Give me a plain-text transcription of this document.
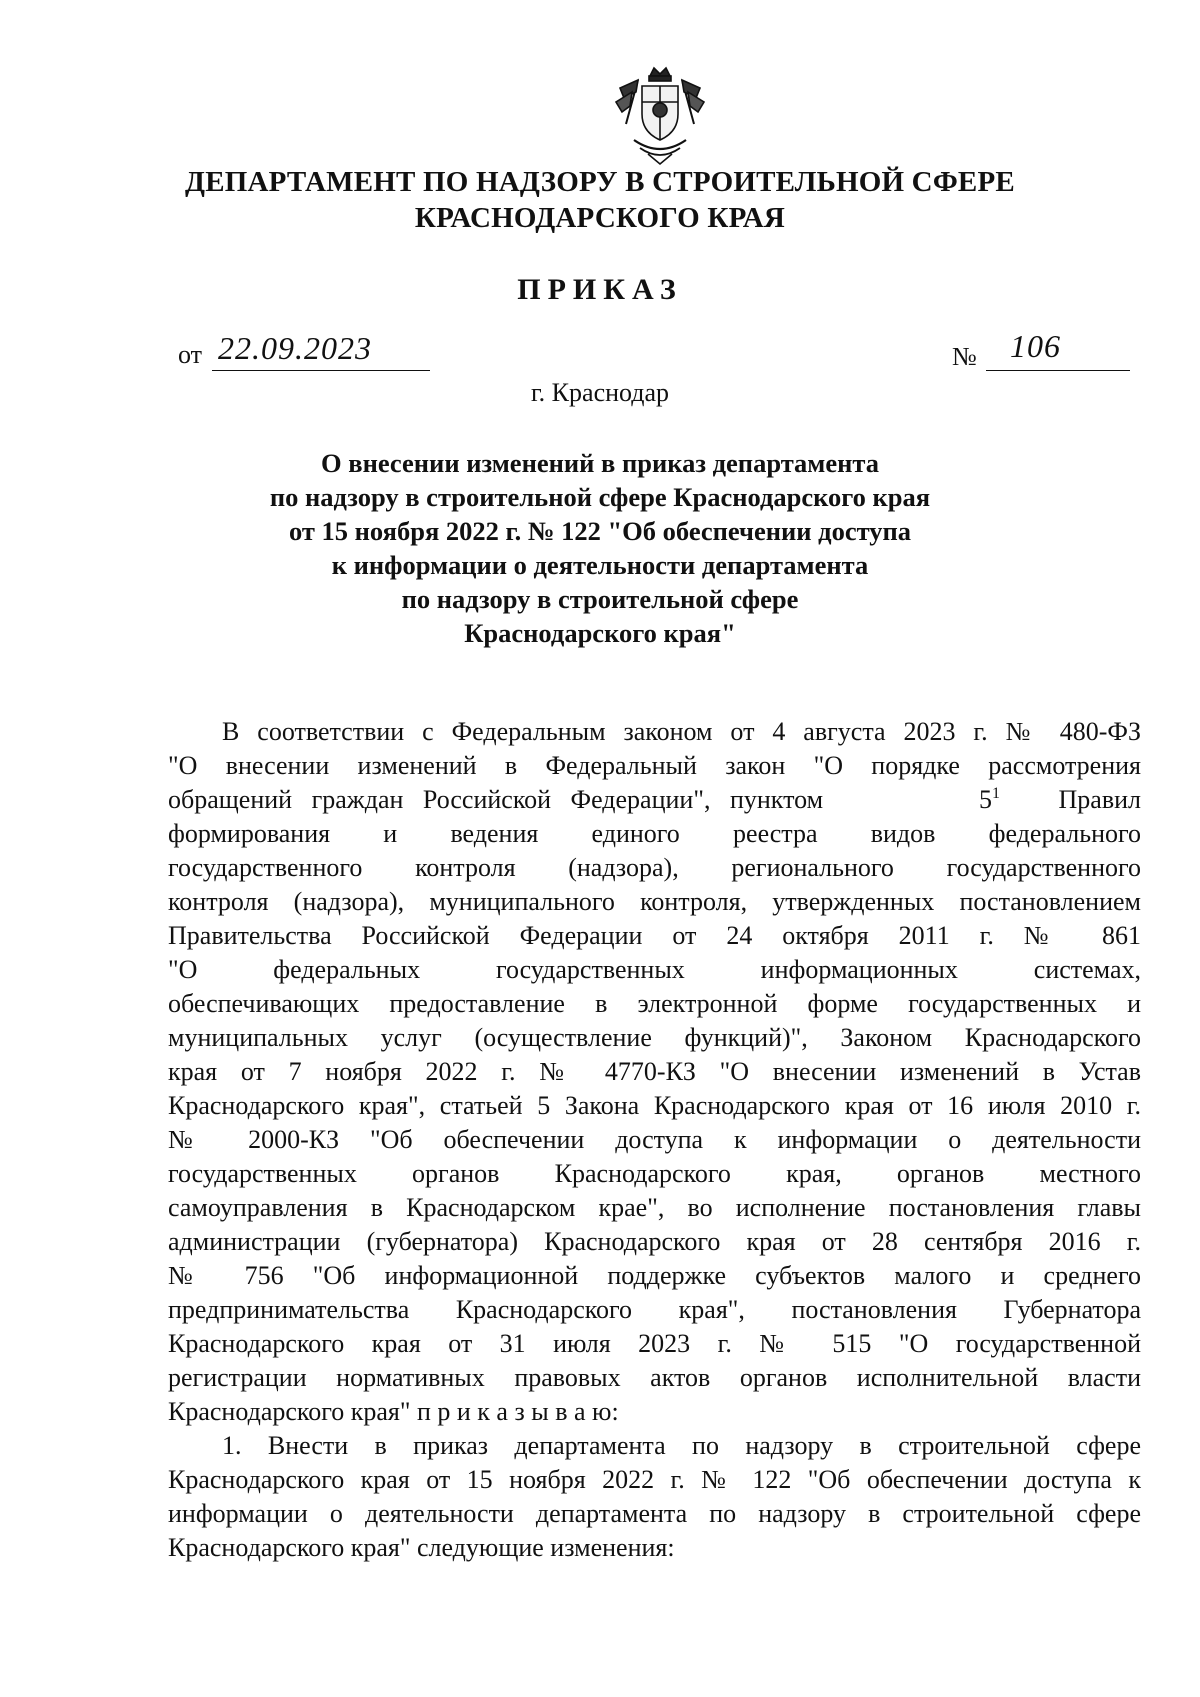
ДЕПАРТАМЕНТ ПО НАДЗОРУ В СТРОИТЕЛЬНОЙ СФЕРЕ
КРАСНОДАРСКОГО КРАЯ
ПРИКАЗ
от 22.09.2023	№ 106
г. Краснодар
О внесении изменений в приказ департамента
по надзору в строительной сфере Краснодарского края
от 15 ноября 2022 г. № 122 "Об обеспечении доступа
к информации о деятельности департамента
по надзору в строительной сфере
Краснодарского края"
В соответствии с Федеральным законом от 4 августа 2023 г. № 480-ФЗ
"О внесении изменений в Федеральный закон "О порядке рассмотрения
обращений граждан Российской Федерации", пунктом	$5^1$ Правил
формирования и ведения единого реестра видов федерального
государственного контроля (надзора), регионального государственного
контроля (надзора), муниципального контроля, утвержденных постановлением
Правительства Российской Федерации от 24 октября 2011 г. № 861
"О федеральных государственных информационных системах,
обеспечивающих предоставление в электронной форме государственных и
муниципальных услуг (осуществление функций)", Законом Краснодарского
края от 7 ноября 2022 г. № 4770-КЗ "О внесении изменений в Устав
Краснодарского края", статьей 5 Закона Краснодарского края от 16 июля 2010 г.
№ 2000-КЗ "Об обеспечении доступа к информации о деятельности
государственных органов Краснодарского края, органов местного
самоуправления в Краснодарском крае", во исполнение постановления главы
администрации (губернатора) Краснодарского края от 28 сентября 2016 г.
№ 756 "Об информационной поддержке субъектов малого и среднего
предпринимательства Краснодарского края", постановления Губернатора
Краснодарского края от 31 июля 2023 г. № 515 "О государственной
регистрации нормативных правовых актов органов исполнительной власти
Краснодарского края" п р и к а з ы в а ю:
1. Внести в приказ департамента по надзору в строительной сфере
Краснодарского края от 15 ноября 2022 г. № 122 "Об обеспечении доступа к
информации о деятельности департамента по надзору в строительной сфере
Краснодарского края" следующие изменения:
